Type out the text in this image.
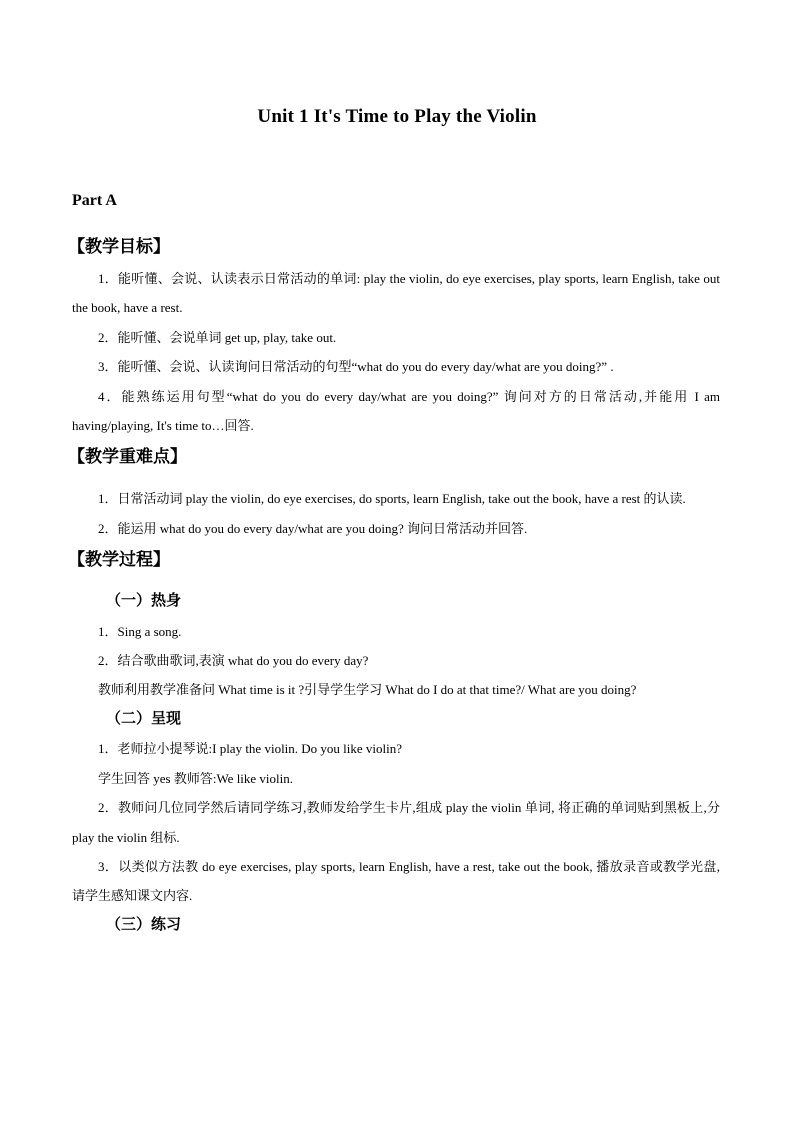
Unit 1 It's Time to Play the Violin
Part A
【教学目标】

1．能听懂、会说、认读表示日常活动的单词: play the violin, do eye exercises, play sports, learn English, take out the book, have a rest.

2．能听懂、会说单词 get up, play, take out.

3．能听懂、会说、认读询问日常活动的句型“what do you do every day/what are you doing?” .

4．能熟练运用句型“what do you do every day/what are you doing?” 询问对方的日常活动,并能用 I am having/playing, It's time to…回答.

【教学重难点】

1．日常活动词 play the violin, do eye exercises, do sports, learn English, take out the book, have a rest 的认读.

2．能运用 what do you do every day/what are you doing? 询问日常活动并回答.

【教学过程】
（一）热身

1．Sing a song.

2．结合歌曲歌词,表演 what do you do every day?

教师利用教学准备问 What time is it ?引导学生学习 What do I do at that time?/ What are you doing?

（二）呈现

1．老师拉小提琴说:I play the violin. Do you like violin?

学生回答 yes 教师答:We like violin.

2．教师问几位同学然后请同学练习,教师发给学生卡片,组成 play the violin 单词, 将正确的单词贴到黑板上,分 play the violin 组标.

3．以类似方法教 do eye exercises, play sports, learn English, have a rest, take out the book, 播放录音或教学光盘,请学生感知课文内容.

（三）练习
